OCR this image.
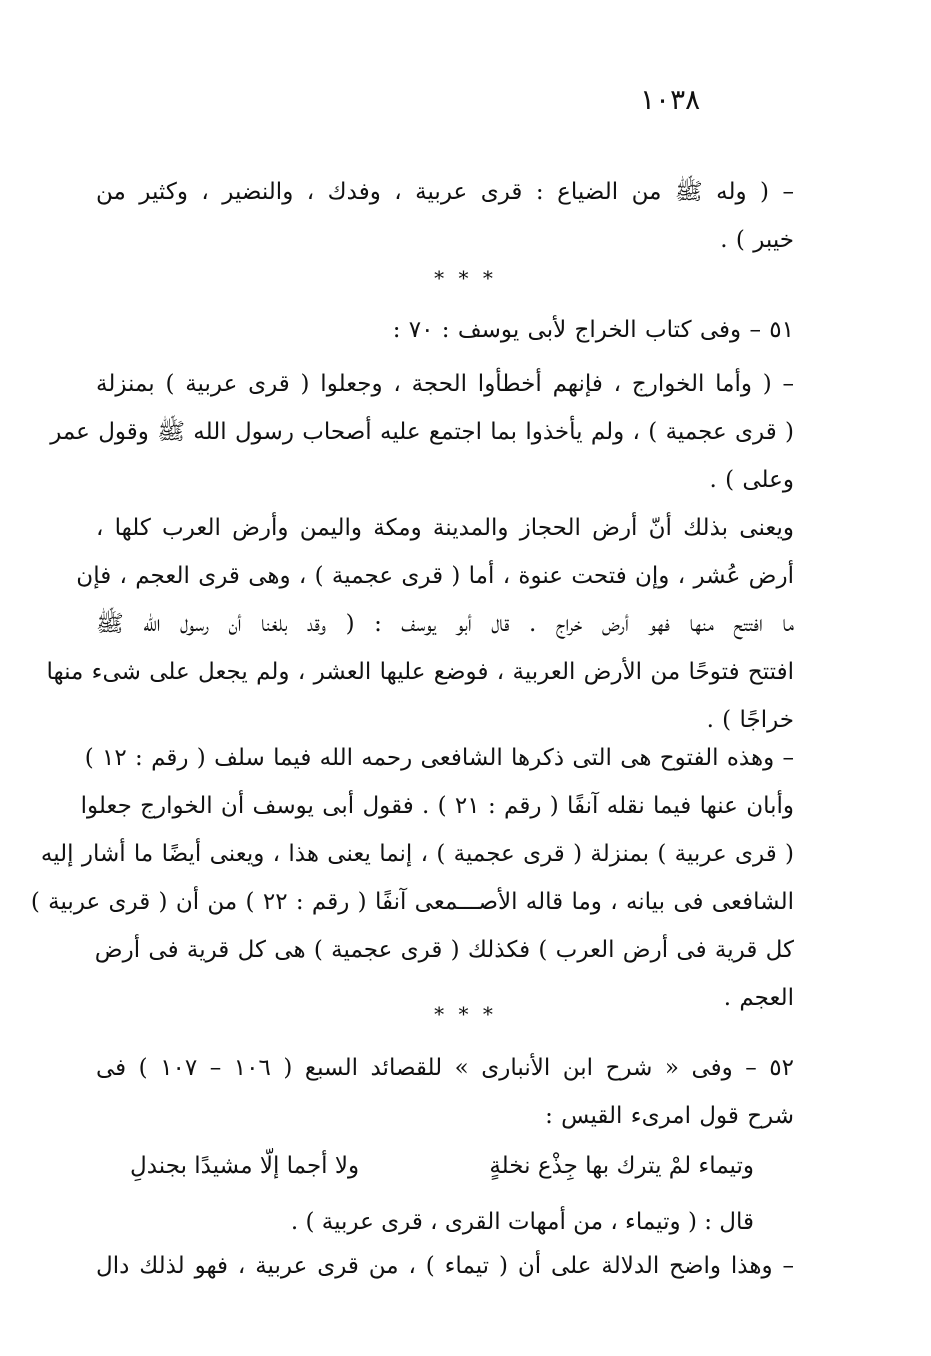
١٠٣٨
– ( وله ﷺ من الضياع : قرى عربية ، وفدك ، والنضير ، وكثير من
خيبر ) .
* * *
٥١ – وفى كتاب الخراج لأبى يوسف : ٧٠ :
– ( وأما الخوارج ، فإنهم أخطأوا الحجة ، وجعلوا ( قرى عربية ) بمنزلة
( قرى عجمية ) ، ولم يأخذوا بما اجتمع عليه أصحاب رسول الله ﷺ وقول عمر
وعلى ) .
ويعنى بذلك أنّ أرض الحجاز والمدينة ومكة واليمن وأرض العرب كلها ،
أرض عُشر ، وإن فتحت عنوة ، أما ( قرى عجمية ) ، وهى قرى العجم ، فإن
ما افتتح منها فهو أرض خراج . قال أبو يوسف : ( وقد بلغنا أن رسول الله ﷺ
افتتح فتوحًا من الأرض العربية ، فوضع عليها العشر ، ولم يجعل على شىء منها
خراجًا ) .
– وهذه الفتوح هى التى ذكرها الشافعى رحمه الله فيما سلف ( رقم : ١٢ )
وأبان عنها فيما نقله آنفًا ( رقم : ٢١ ) . فقول أبى يوسف أن الخوارج جعلوا
( قرى عربية ) بمنزلة ( قرى عجمية ) ، إنما يعنى هذا ، ويعنى أيضًا ما أشار إليه
الشافعى فى بيانه ، وما قاله الأصـــمعى آنفًا ( رقم : ٢٢ ) من أن ( قرى عربية )
كل قرية فى أرض العرب ) فكذلك ( قرى عجمية ) هى كل قرية فى أرض
العجم .
* * *
٥٢ – وفى « شرح ابن الأنبارى » للقصائد السبع ( ١٠٦ – ١٠٧ ) فى
شرح قول امرىء القيس :
وتيماء لمْ يترك بها جِذْع نخلةٍ
ولا أجما إلّا مشيدًا بجندلِ
قال : ( وتيماء ، من أمهات القرى ، قرى عربية ) .
– وهذا واضح الدلالة على أن ( تيماء ) ، من قرى عربية ، فهو لذلك دال
